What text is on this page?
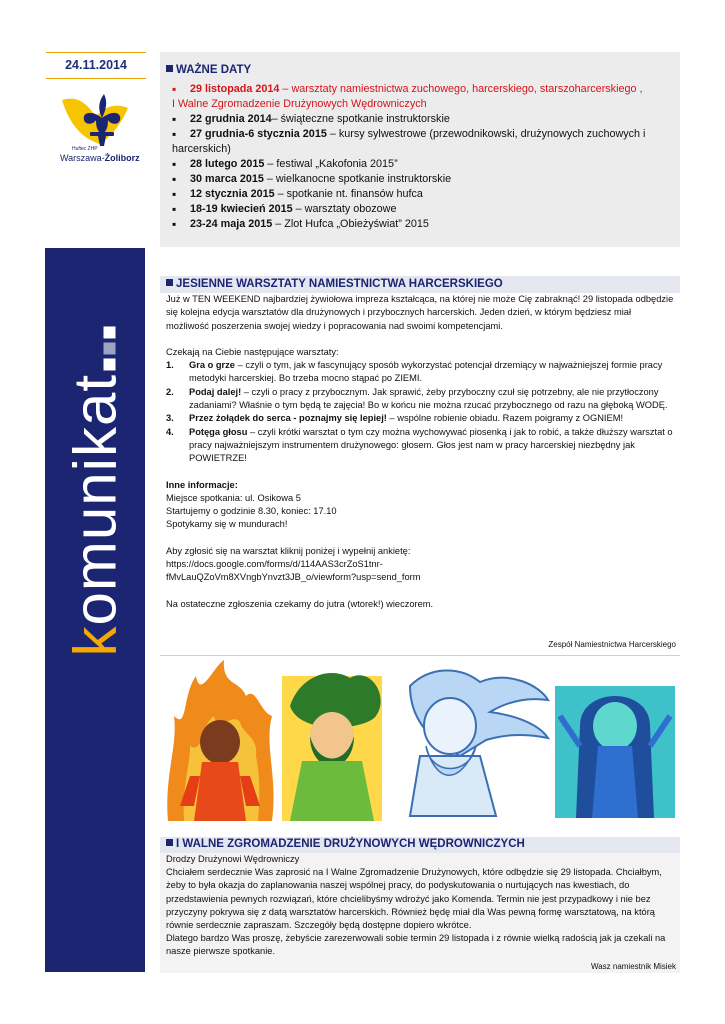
24.11.2014
Hufiec ZHP
Warszawa-Żoliborz
komunikat
WAŻNE DATY
▪ 29 listopada 2014 – warsztaty namiestnictwa zuchowego, harcerskiego, starszoharcerskiego ,
I Walne Zgromadzenie Drużynowych Wędrowniczych
▪ 22 grudnia 2014– świąteczne spotkanie instruktorskie
▪ 27 grudnia-6 stycznia 2015 – kursy sylwestrowe (przewodnikowski, drużynowych zuchowych i
harcerskich)
▪ 28 lutego 2015 – festiwal „Kakofonia 2015”
▪ 30 marca 2015 – wielkanocne spotkanie instruktorskie
▪ 12 stycznia 2015 – spotkanie nt. finansów hufca
▪ 18-19 kwiecień 2015 – warsztaty obozowe
▪ 23-24 maja 2015 – Zlot Hufca „Obieżyświat” 2015
JESIENNE WARSZTATY NAMIESTNICTWA HARCERSKIEGO
Zespół Namiestnictwa Harcerskiego

Już w TEN WEEKEND najbardziej żywiołowa impreza kształcąca, na której nie może Cię zabraknąć! 29 listopada odbędzie się kolejna edycja warsztatów dla drużynowych i przybocznych harcerskich. Jeden dzień, w którym będziesz miał możliwość poszerzenia swojej wiedzy i popracowania nad swoimi kompetencjami.

Czekają na Ciebie następujące warsztaty:

1.	Gra o grze – czyli o tym, jak w fascynujący sposób wykorzystać potencjał drzemiący w najważniejszej formie pracy metodyki harcerskiej. Bo trzeba mocno stąpać po ZIEMI.
2.	Podaj dalej! – czyli o pracy z przybocznym. Jak sprawić, żeby przyboczny czuł się potrzebny, ale nie przytłoczony zadaniami? Właśnie o tym będą te zajęcia! Bo w końcu nie można rzucać przybocznego od razu na głęboką WODĘ.
3.	Przez żołądek do serca - poznajmy się lepiej! – wspólne robienie obiadu. Razem poigramy z OGNIEM!
4.	Potęga głosu – czyli krótki warsztat o tym czy można wychowywać piosenką i jak to robić, a także dłuższy warsztat o pracy najważniejszym instrumentem drużynowego: głosem. Głos jest nam w pracy harcerskiej niezbędny jak POWIETRZE!

Inne informacje:

Miejsce spotkania: ul. Osikowa 5

Startujemy o godzinie 8.30, koniec: 17.10

Spotykamy się w mundurach!

Aby zgłosić się na warsztat kliknij poniżej i wypełnij ankietę:

https://docs.google.com/forms/d/114AAS3crZoS1tnr-

fMvLauQZoVm8XVngbYnvzt3JB_o/viewform?usp=send_form

Na ostateczne zgłoszenia czekamy do jutra (wtorek!) wieczorem.

I WALNE ZGROMADZENIE DRUŻYNOWYCH WĘDROWNICZYCH

Drodzy Drużynowi Wędrowniczy

Chciałem serdecznie Was zaprosić na I Walne Zgromadzenie Drużynowych, które odbędzie się 29 listopada. Chciałbym, żeby to była okazja do zaplanowania naszej wspólnej pracy, do podyskutowania o nurtujących nas kwestiach, do przedstawienia pewnych rozwiązań, które chcielibyśmy wdrożyć jako Komenda. Termin nie jest przypadkowy i nie bez przyczyny pokrywa się z datą warsztatów harcerskich. Również będę miał dla Was pewną formę warsztatową, na którą równie serdecznie zapraszam. Szczegóły będą dostępne dopiero wkrótce.

Dlatego bardzo Was proszę, żebyście zarezerwowali sobie termin 29 listopada i z równie wielką radością jak ja czekali na nasze pierwsze spotkanie.

Wasz namiestnik Misiek
